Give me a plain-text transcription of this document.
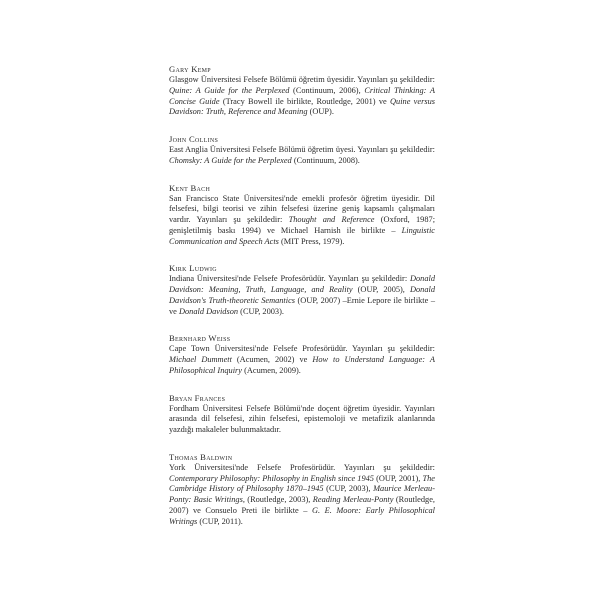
Gary Kemp
Glasgow Üniversitesi Felsefe Bölümü öğretim üyesidir. Yayınları şu şekildedir: Quine: A Guide for the Perplexed (Continuum, 2006), Critical Thinking: A Concise Guide (Tracy Bowell ile birlikte, Routledge, 2001) ve Quine versus Davidson: Truth, Reference and Meaning (OUP).
John Collins
East Anglia Üniversitesi Felsefe Bölümü öğretim üyesi. Yayınları şu şekildedir: Chomsky: A Guide for the Perplexed (Continuum, 2008).
Kent Bach
San Francisco State Üniversitesi'nde emekli profesör öğretim üyesidir. Dil felsefesi, bilgi teorisi ve zihin felsefesi üzerine geniş kapsamlı çalışmaları vardır. Yayınları şu şekildedir: Thought and Reference (Oxford, 1987; genişletilmiş baskı 1994) ve Michael Harnish ile birlikte – Linguistic Communication and Speech Acts (MIT Press, 1979).
Kirk Ludwig
Indiana Üniversitesi'nde Felsefe Profesörüdür. Yayınları şu şekildedir: Donald Davidson: Meaning, Truth, Language, and Reality (OUP, 2005), Donald Davidson's Truth-theoretic Semantics (OUP, 2007) –Ernie Lepore ile birlikte – ve Donald Davidson (CUP, 2003).
Bernhard Weiss
Cape Town Üniversitesi'nde Felsefe Profesörüdür. Yayınları şu şekildedir: Michael Dummett (Acumen, 2002) ve How to Understand Language: A Philosophical Inquiry (Acumen, 2009).
Bryan Frances
Fordham Üniversitesi Felsefe Bölümü'nde doçent öğretim üyesidir. Yayınları arasında dil felsefesi, zihin felsefesi, epistemoloji ve metafizik alanlarında yazdığı makaleler bulunmaktadır.
Thomas Baldwin
York Üniversitesi'nde Felsefe Profesörüdür. Yayınları şu şekildedir: Contemporary Philosophy: Philosophy in English since 1945 (OUP, 2001), The Cambridge History of Philosophy 1870–1945 (CUP, 2003), Maurice Merleau-Ponty: Basic Writings, (Routledge, 2003), Reading Merleau-Ponty (Routledge, 2007) ve Consuelo Preti ile birlikte – G. E. Moore: Early Philosophical Writings (CUP, 2011).
